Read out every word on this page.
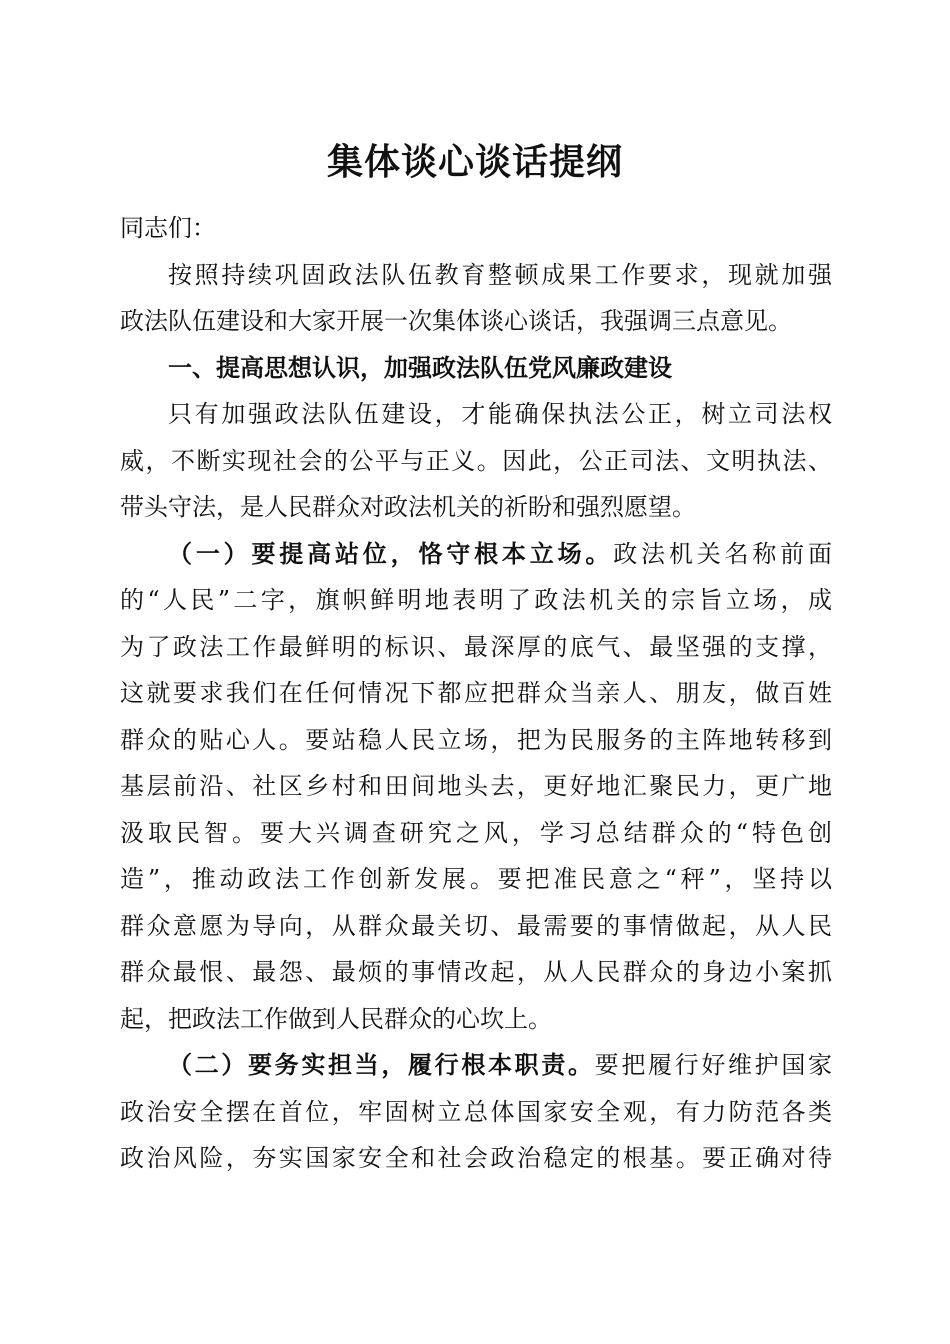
集体谈心谈话提纲
同志们：
按照持续巩固政法队伍教育整顿成果工作要求，现就加强
政法队伍建设和大家开展一次集体谈心谈话，我强调三点意见。
一、提高思想认识，加强政法队伍党风廉政建设
只有加强政法队伍建设，才能确保执法公正，树立司法权
威，不断实现社会的公平与正义。因此，公正司法、文明执法、
带头守法，是人民群众对政法机关的祈盼和强烈愿望。
（一）要提高站位，恪守根本立场。政法机关名称前面
的“人民”二字，旗帜鲜明地表明了政法机关的宗旨立场，成
为了政法工作最鲜明的标识、最深厚的底气、最坚强的支撑，
这就要求我们在任何情况下都应把群众当亲人、朋友，做百姓
群众的贴心人。要站稳人民立场，把为民服务的主阵地转移到
基层前沿、社区乡村和田间地头去，更好地汇聚民力，更广地
汲取民智。要大兴调查研究之风，学习总结群众的“特色创
造”，推动政法工作创新发展。要把准民意之“秤”，坚持以
群众意愿为导向，从群众最关切、最需要的事情做起，从人民
群众最恨、最怨、最烦的事情改起，从人民群众的身边小案抓
起，把政法工作做到人民群众的心坎上。
（二）要务实担当，履行根本职责。要把履行好维护国家
政治安全摆在首位，牢固树立总体国家安全观，有力防范各类
政治风险，夯实国家安全和社会政治稳定的根基。要正确对待
